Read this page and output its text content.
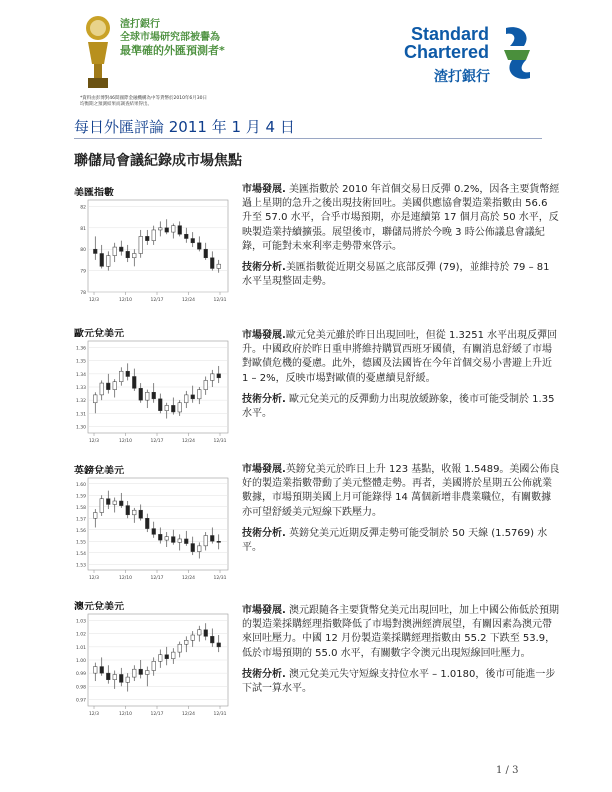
渣打銀行
全球市場研究部被譽為
最準確的外匯預測者*
*資料由彭博對46間國際金融機構為中等貨幣於2010年6月30日
均衡期之預測結果而調查結果得出。
Standard
Chartered
渣打銀行
每日外匯評論 2011 年 1 月 4 日
聯儲局會議紀錄成市場焦點
美匯指數
82
81
80
79
78
12/3	12/10	12/17	12/24	12/31

市場發展. 美匯指數於 2010 年首個交易日反彈 0.2%，因各主要貨幣經過上星期的急升之後出現技術回吐。美國供應協會製造業指數由 56.6 升至 57.0 水平，合乎市場預期，亦是連續第 17 個月高於 50 水平，反映製造業持續擴張。展望後市，聯儲局將於今晚 3 時公佈議息會議紀錄，可能對未來利率走勢帶來啓示。

技術分析.美匯指數從近期交易區之底部反彈 (79)，並維持於 79 – 81 水平呈現整固走勢。

歐元兌美元
1.36
1.35
1.34
1.33
1.32
1.31
1.30
12/3	12/10	12/17	12/24	12/31

市場發展.歐元兌美元雖於昨日出現回吐，但從 1.3251 水平出現反彈回升。中國政府於昨日重申將維持購買西班牙國債，有關消息舒緩了市場對歐債危機的憂慮。此外，德國及法國皆在今年首個交易小書避上升近 1 – 2%，反映市場對歐債的憂慮續見舒緩。

技術分析. 歐元兌美元的反彈動力出現放緩跡象，後市可能受制於 1.35 水平。

英鎊兌美元
1.60
1.59
1.58
1.57
1.56
1.55
1.54
1.53
12/3	12/10	12/17	12/24	12/31

市場發展.英鎊兌美元於昨日上升 123 基點，收報 1.5489。美國公佈良好的製造業指數帶動了美元整體走勢。再者，美國將於星期五公佈就業數據，市場預期美國上月可能錄得 14 萬個新增非農業職位，有關數據亦可望舒緩美元短線下跌壓力。

技術分析. 英鎊兌美元近期反彈走勢可能受制於 50 天線 (1.5769) 水平。

澳元兌美元
1.03
1.02
1.01
1.00
0.99
0.98
0.97
12/3	12/10	12/17	12/24	12/31

市場發展. 澳元跟隨各主要貨幣兌美元出現回吐，加上中國公佈低於預期的製造業採購經理指數降低了市場對澳洲經濟展望，有關因素為澳元帶來回吐壓力。中國 12 月份製造業採購經理指數由 55.2 下跌至 53.9，低於市場預期的 55.0 水平，有關數字令澳元出現短線回吐壓力。

技術分析. 澳元兌美元失守短線支持位水平 – 1.0180，後市可能進一步下試一算水平。

1 / 3
